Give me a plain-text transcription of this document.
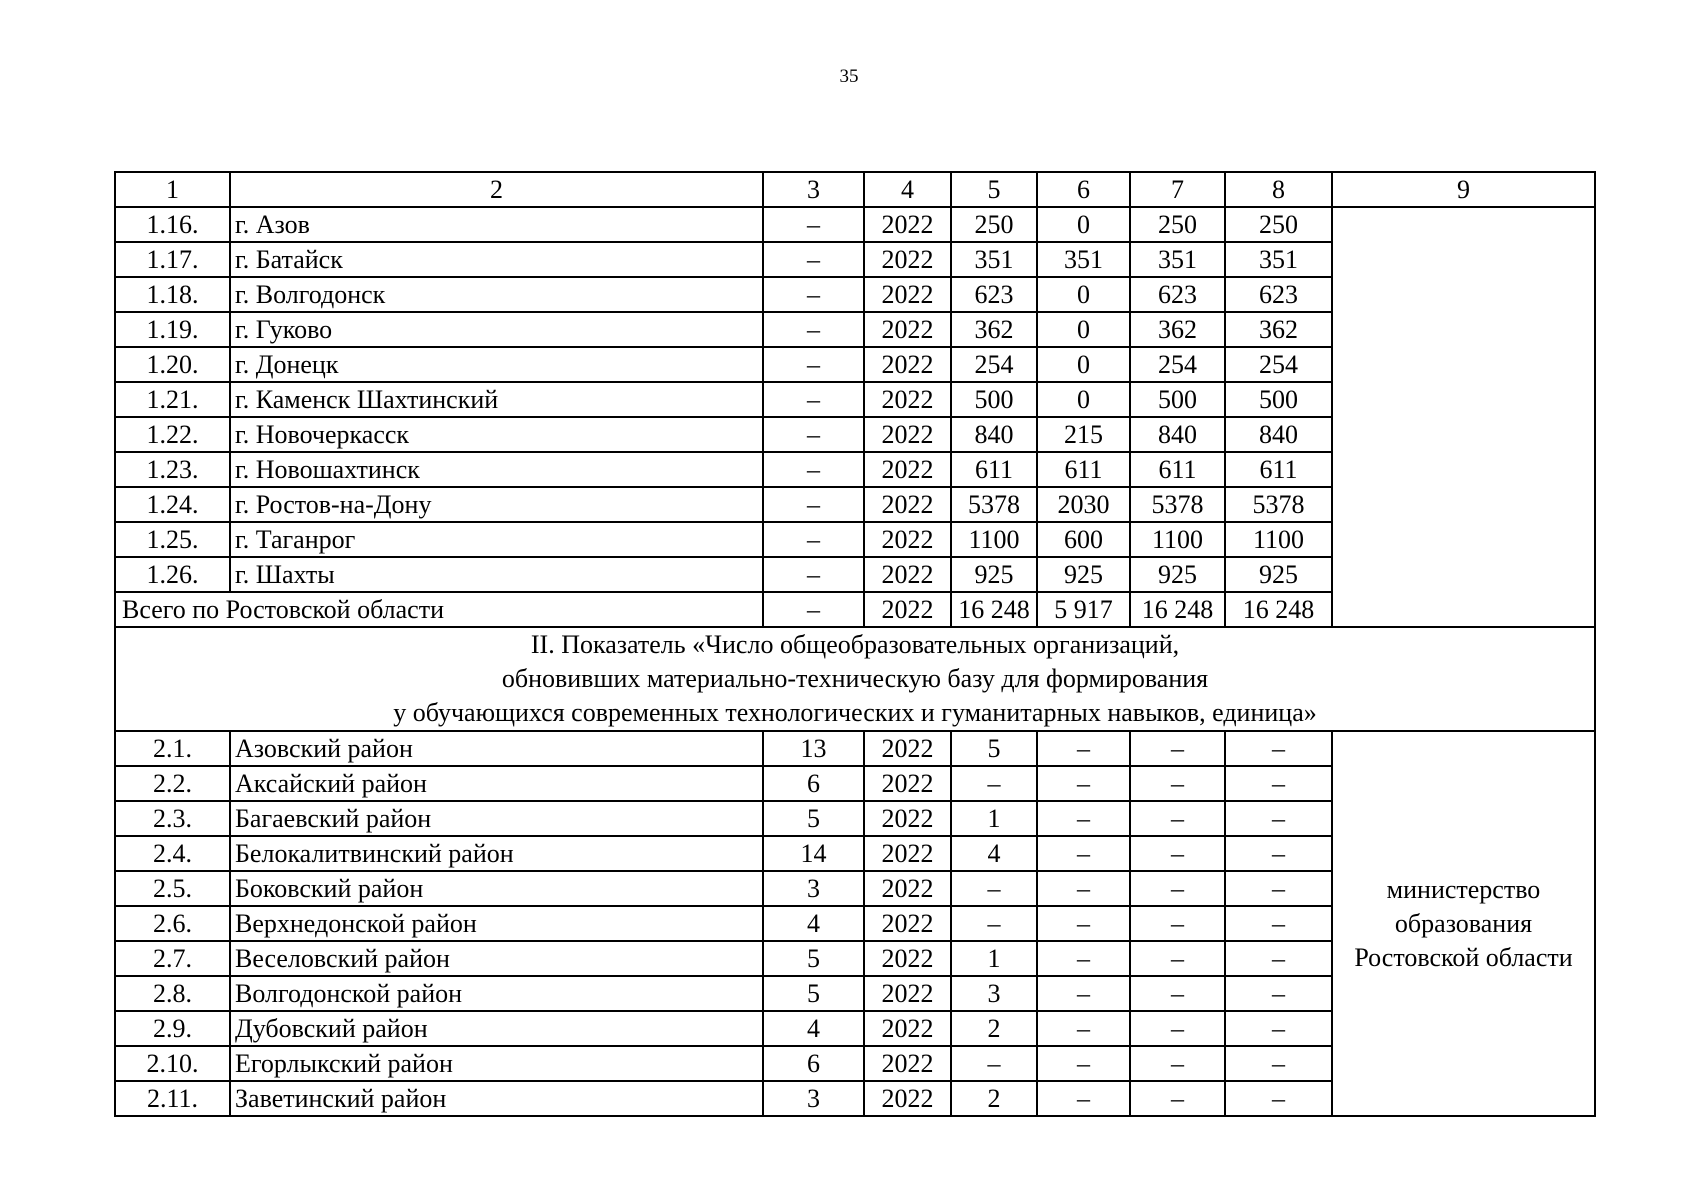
35
1	2	3	4	5	6	7	8	9
1.16.	г. Азов	–	2022	250	0	250	250	
1.17.	г. Батайск	–	2022	351	351	351	351	
1.18.	г. Волгодонск	–	2022	623	0	623	623	
1.19.	г. Гуково	–	2022	362	0	362	362	
1.20.	г. Донецк	–	2022	254	0	254	254	
1.21.	г. Каменск Шахтинский	–	2022	500	0	500	500	
1.22.	г. Новочеркасск	–	2022	840	215	840	840	
1.23.	г. Новошахтинск	–	2022	611	611	611	611	
1.24.	г. Ростов-на-Дону	–	2022	5378	2030	5378	5378	
1.25.	г. Таганрог	–	2022	1100	600	1100	1100	
1.26.	г. Шахты	–	2022	925	925	925	925	
Всего по Ростовской области		–	2022	16 248	5 917	16 248	16 248	

II. Показатель «Число общеобразовательных организаций,
обновивших материально-техническую базу для формирования
у обучающихся современных технологических и гуманитарных навыков, единица»								

2.1.	Азовский район	13	2022	5	–	–	–	министерство
образования
Ростовской области

2.2.	Аксайский район	6	2022	–	–	–	–	
2.3.	Багаевский район	5	2022	1	–	–	–	
2.4.	Белокалитвинский район	14	2022	4	–	–	–	
2.5.	Боковский район	3	2022	–	–	–	–	
2.6.	Верхнедонской район	4	2022	–	–	–	–	
2.7.	Веселовский район	5	2022	1	–	–	–	
2.8.	Волгодонской район	5	2022	3	–	–	–	
2.9.	Дубовский район	4	2022	2	–	–	–	
2.10.	Егорлыкский район	6	2022	–	–	–	–	
2.11.	Заветинский район	3	2022	2	–	–	–	
